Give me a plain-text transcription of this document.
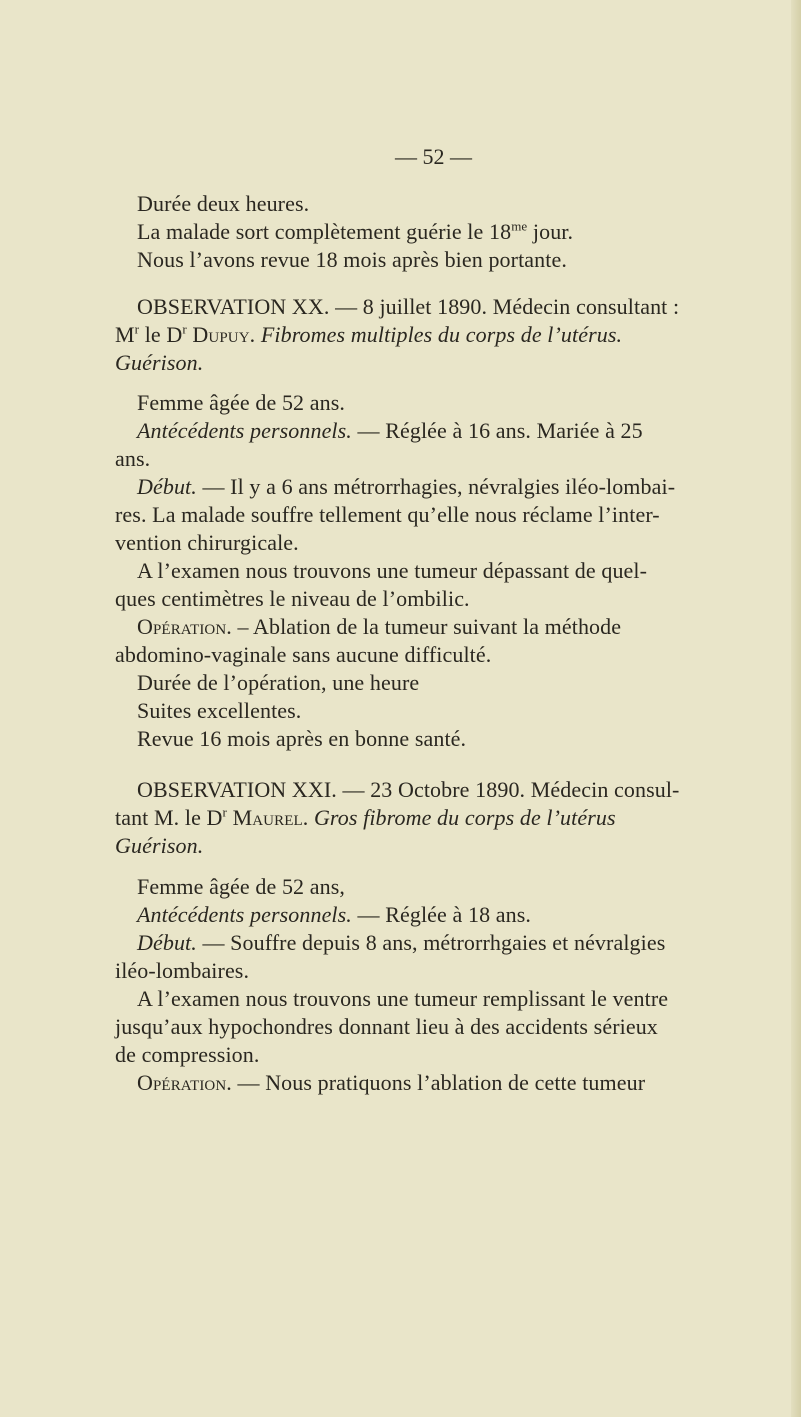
— 52 —
Durée deux heures.
La malade sort complètement guérie le $18^{me}$ jour.
Nous l’avons revue 18 mois après bien portante.
OBSERVATION XX. — 8 juillet 1890. Médecin consultant :
$M^r$ le $D^r$ Dupuy. Fibromes multiples du corps de l’utérus.
Guérison.
Femme âgée de 52 ans.
Antécédents personnels. — Réglée à 16 ans. Mariée à 25
ans.
Début. — Il y a 6 ans métrorrhagies, névralgies iléo-lombai-
res. La malade souffre tellement qu’elle nous réclame l’inter-
vention chirurgicale.
A l’examen nous trouvons une tumeur dépassant de quel-
ques centimètres le niveau de l’ombilic.
Opération. – Ablation de la tumeur suivant la méthode
abdomino-vaginale sans aucune difficulté.
Durée de l’opération, une heure
Suites excellentes.
Revue 16 mois après en bonne santé.
OBSERVATION XXI. — 23 Octobre 1890. Médecin consul-
tant M. le $D^r$ Maurel. Gros fibrome du corps de l’utérus
Guérison.
Femme âgée de 52 ans,
Antécédents personnels. — Réglée à 18 ans.
Début. — Souffre depuis 8 ans, métrorrhgaies et névralgies
iléo-lombaires.
A l’examen nous trouvons une tumeur remplissant le ventre
jusqu’aux hypochondres donnant lieu à des accidents sérieux
de compression.
Opération. — Nous pratiquons l’ablation de cette tumeur
